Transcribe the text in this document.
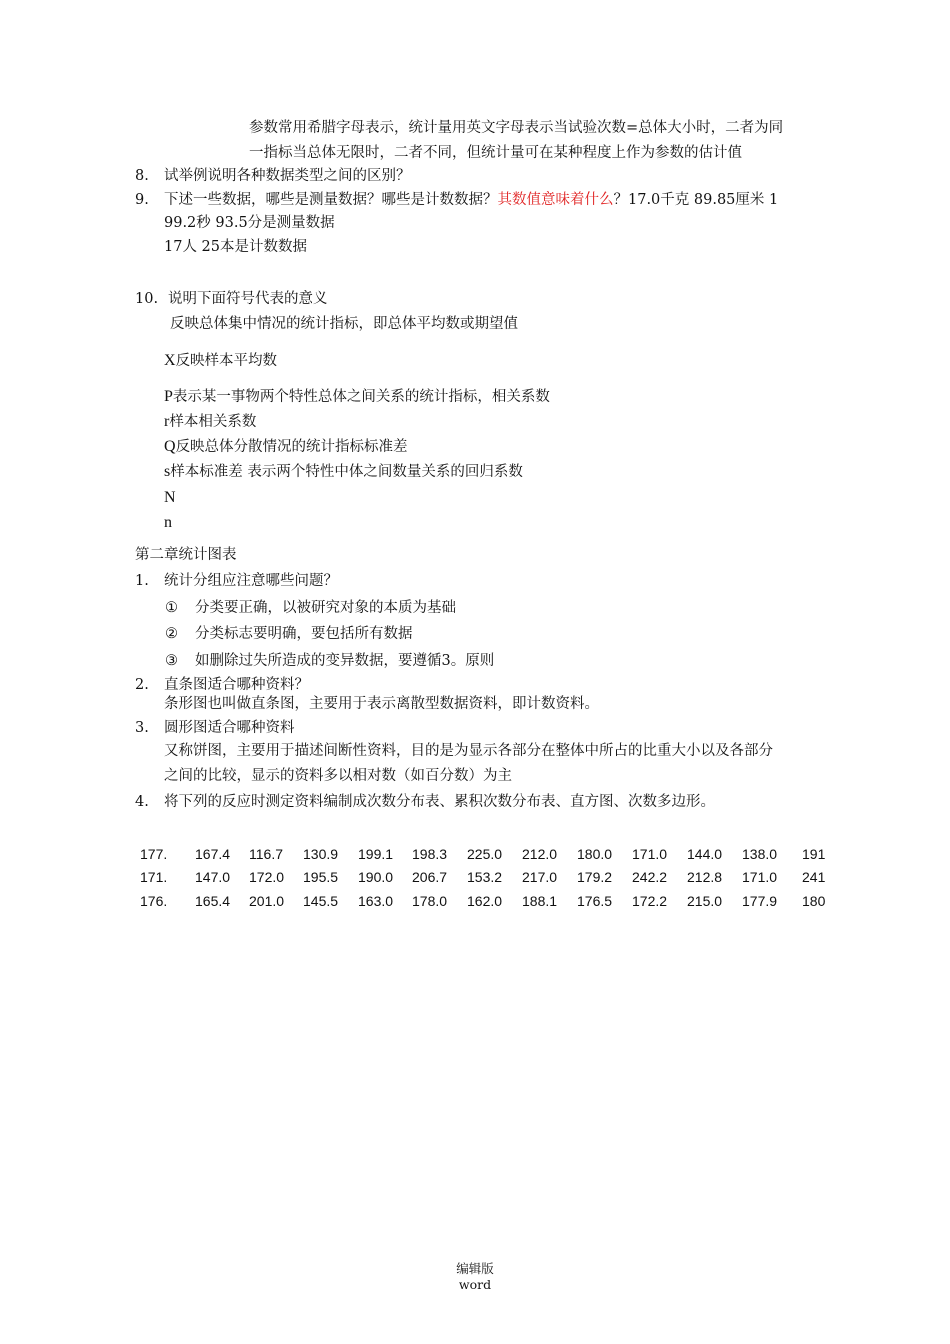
参数常用希腊字母表示，统计量用英文字母表示当试验次数=总体大小时，二者为同
一指标当总体无限时，二者不同，但统计量可在某种程度上作为参数的估计值
8. 试举例说明各种数据类型之间的区别？
9. 下述一些数据，哪些是测量数据？哪些是计数数据？其数值意味着什么？17.0千克 89.85厘米 1
99.2秒 93.5分是测量数据
17人 25本是计数数据
10. 说明下面符号代表的意义
反映总体集中情况的统计指标，即总体平均数或期望值
X反映样本平均数
P表示某一事物两个特性总体之间关系的统计指标，相关系数
r样本相关系数
Q反映总体分散情况的统计指标标准差
s样本标准差 表示两个特性中体之间数量关系的回归系数
N
n
第二章统计图表
1. 统计分组应注意哪些问题？
① 分类要正确，以被研究对象的本质为基础
② 分类标志要明确，要包括所有数据
③ 如删除过失所造成的变异数据，要遵循3。原则
2. 直条图适合哪种资料？
条形图也叫做直条图，主要用于表示离散型数据资料，即计数资料。
3. 圆形图适合哪种资料
又称饼图，主要用于描述间断性资料，目的是为显示各部分在整体中所占的比重大小以及各部分
之间的比较，显示的资料多以相对数（如百分数）为主
4. 将下列的反应时测定资料编制成次数分布表、累积次数分布表、直方图、次数多边形。
177.	167.4	116.7	130.9	199.1	198.3	225.0	212.0	180.0	171.0	144.0	138.0	191
171.	147.0	172.0	195.5	190.0	206.7	153.2	217.0	179.2	242.2	212.8	171.0	241
176.	165.4	201.0	145.5	163.0	178.0	162.0	188.1	176.5	172.2	215.0	177.9	180
编辑版
word
